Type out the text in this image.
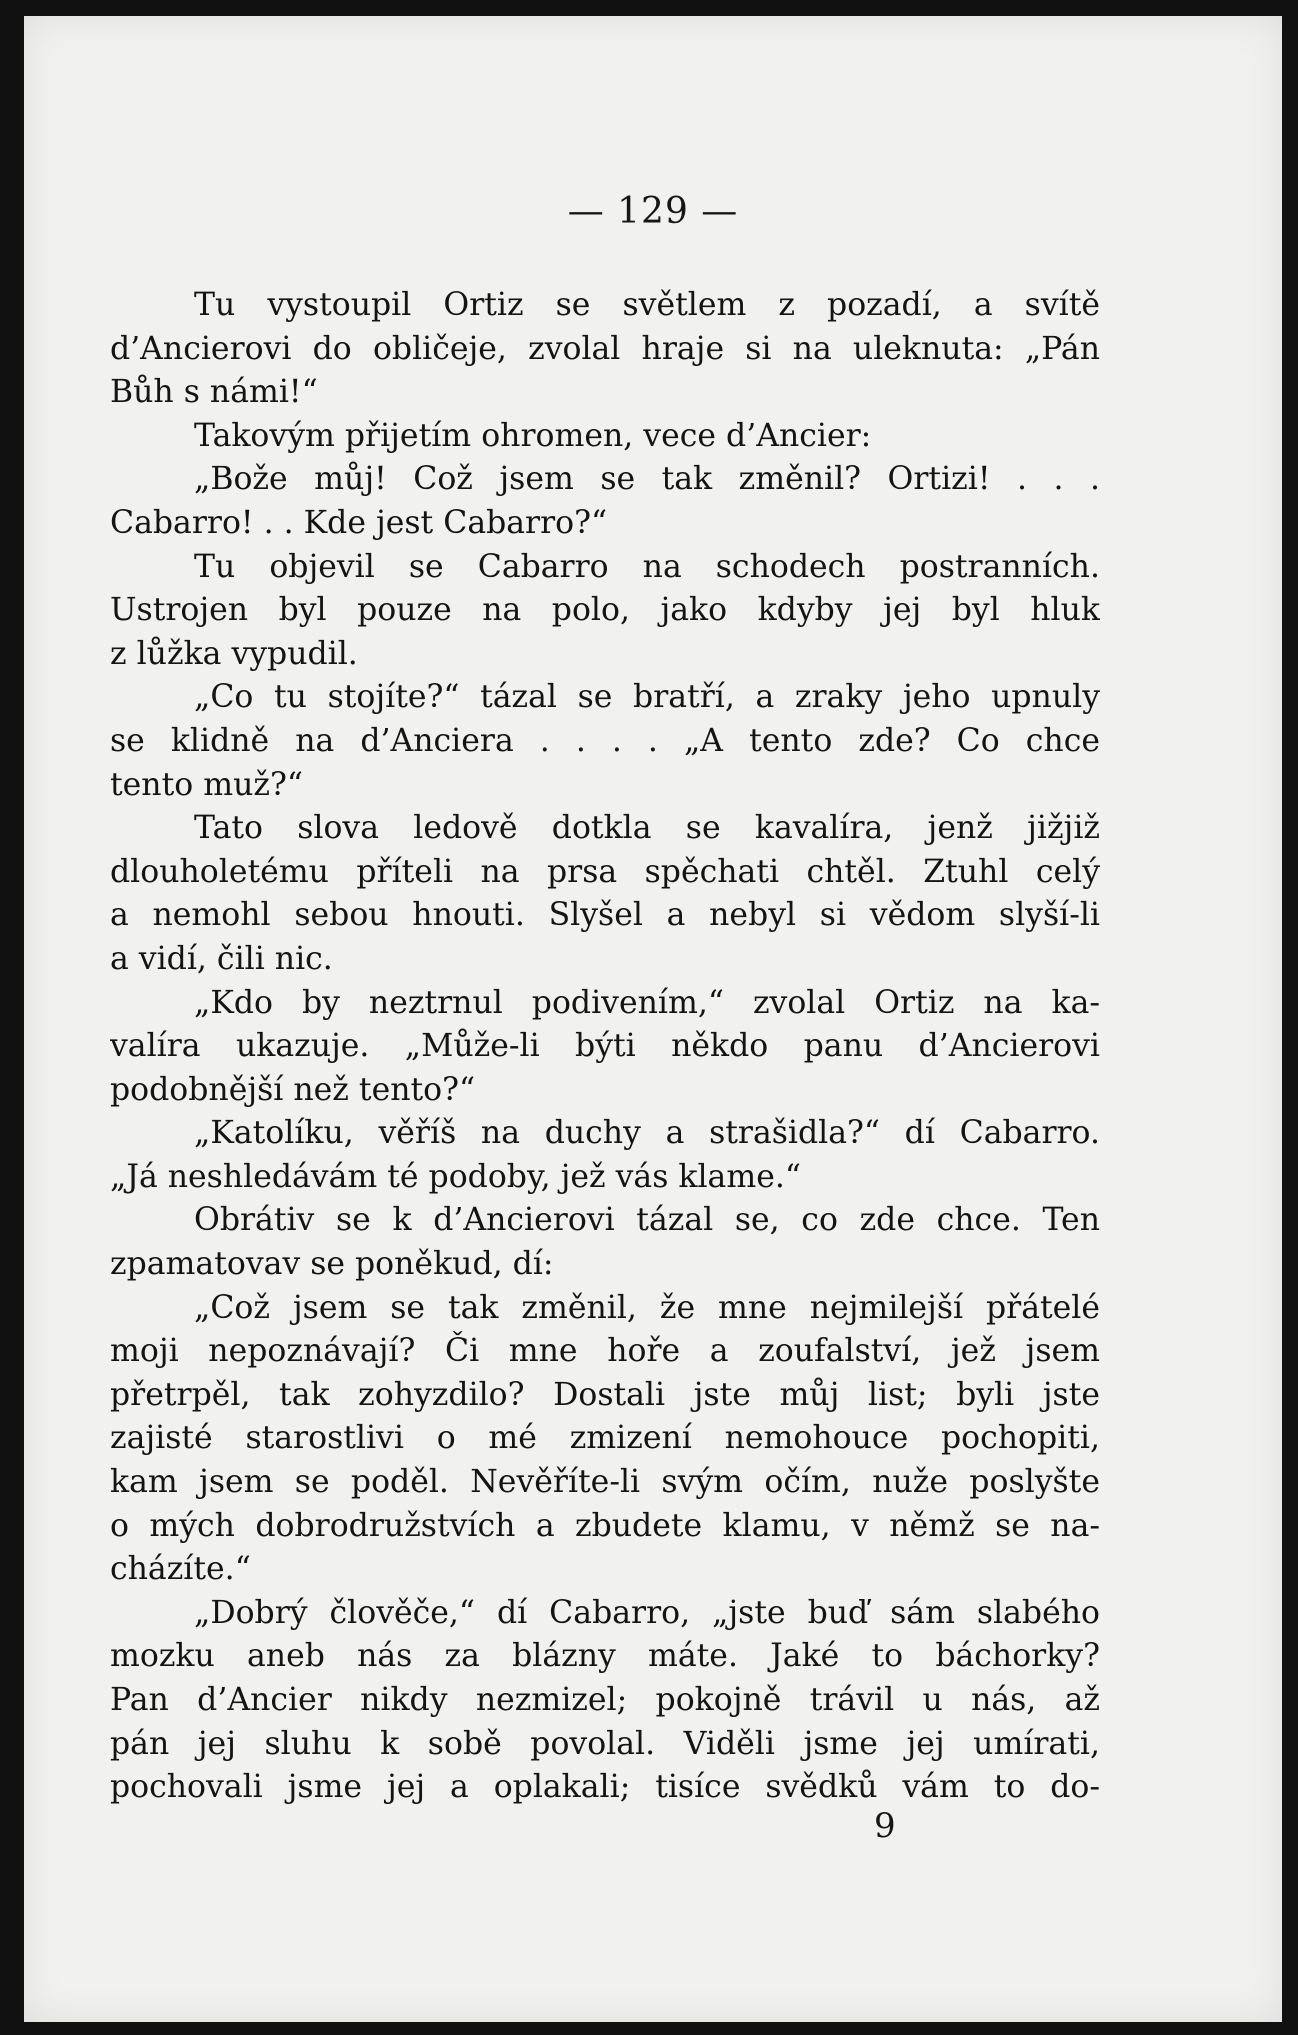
— 129 —
Tu vystoupil Ortiz se světlem z pozadí, a svítě
d’Ancierovi do obličeje, zvolal hraje si na uleknuta: „Pán
Bůh s námi!“
Takovým přijetím ohromen, vece d’Ancier:
„Bože můj! Což jsem se tak změnil? Ortizi! . . .
Cabarro! . . Kde jest Cabarro?“
Tu objevil se Cabarro na schodech postranních.
Ustrojen byl pouze na polo, jako kdyby jej byl hluk
z lůžka vypudil.
„Co tu stojíte?“ tázal se bratří, a zraky jeho upnuly
se klidně na d’Anciera . . . . „A tento zde? Co chce
tento muž?“
Tato slova ledově dotkla se kavalíra, jenž jižjiž
dlouholetému příteli na prsa spěchati chtěl. Ztuhl celý
a nemohl sebou hnouti. Slyšel a nebyl si vědom slyší-li
a vidí, čili nic.
„Kdo by neztrnul podivením,“ zvolal Ortiz na ka-
valíra ukazuje. „Může-li býti někdo panu d’Ancierovi
podobnější než tento?“
„Katolíku, věříš na duchy a strašidla?“ dí Cabarro.
„Já neshledávám té podoby, jež vás klame.“
Obrátiv se k d’Ancierovi tázal se, co zde chce. Ten
zpamatovav se poněkud, dí:
„Což jsem se tak změnil, že mne nejmilejší přátelé
moji nepoznávají? Či mne hoře a zoufalství, jež jsem
přetrpěl, tak zohyzdilo? Dostali jste můj list; byli jste
zajisté starostlivi o mé zmizení nemohouce pochopiti,
kam jsem se poděl. Nevěříte-li svým očím, nuže poslyšte
o mých dobrodružstvích a zbudete klamu, v němž se na-
cházíte.“
„Dobrý člověče,“ dí Cabarro, „jste buď sám slabého
mozku aneb nás za blázny máte. Jaké to báchorky?
Pan d’Ancier nikdy nezmizel; pokojně trávil u nás, až
pán jej sluhu k sobě povolal. Viděli jsme jej umírati,
pochovali jsme jej a oplakali; tisíce svědků vám to do-
9
